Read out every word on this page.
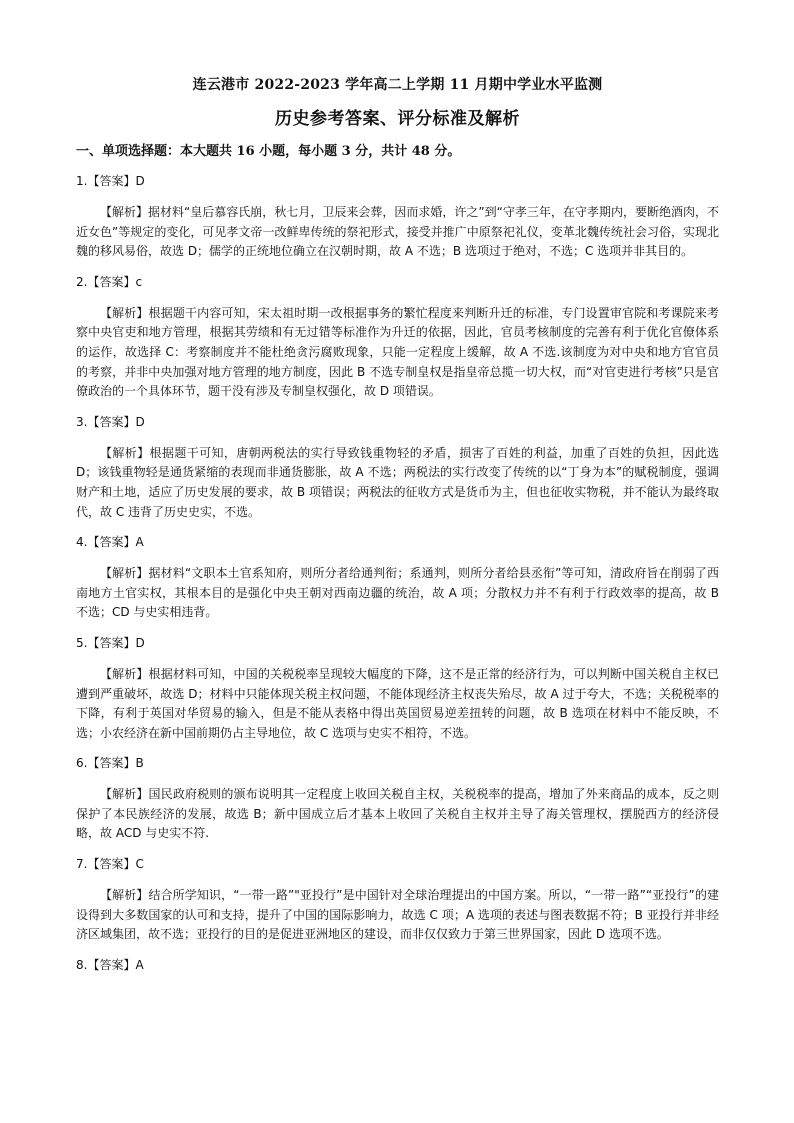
连云港市 2022-2023 学年高二上学期 11 月期中学业水平监测
历史参考答案、评分标准及解析
一、单项选择题：本大题共 16 小题，每小题 3 分，共计 48 分。
1.【答案】D
【解析】据材料“皇后慕容氏崩，秋七月，卫辰来会葬，因而求婚，许之”到“守孝三年，在守孝期内，要断绝酒肉，不近女色”等规定的变化，可见孝文帝一改鲜卑传统的祭祀形式，接受并推广中原祭祀礼仪，变革北魏传统社会习俗，实现北魏的移风易俗，故选 D；儒学的正统地位确立在汉朝时期，故 A 不选；B 选项过于绝对，不选；C 选项并非其目的。
2.【答案】c
【解析】根据题干内容可知，宋太祖时期一改根据事务的繁忙程度来判断升迁的标准，专门设置审官院和考课院来考察中央官吏和地方管理，根据其劳绩和有无过错等标准作为升迁的依据，因此，官员考核制度的完善有利于优化官僚体系的运作，故选择 C：考察制度并不能杜绝贪污腐败现象，只能一定程度上缓解，故 A 不选.该制度为对中央和地方官官员的考察，并非中央加强对地方管理的地方制度，因此 B 不选专制皇权是指皇帝总揽一切大权，而“对官吏进行考核”只是官僚政治的一个具体环节，题干没有涉及专制皇权强化，故 D 项错误。
3.【答案】D
【解析】根据题干可知，唐朝两税法的实行导致钱重物轻的矛盾，损害了百姓的利益，加重了百姓的负担，因此选 D；该钱重物轻是通货紧缩的表现而非通货膨胀，故 A 不选；两税法的实行改变了传统的以“丁身为本”的赋税制度，强调财产和土地，适应了历史发展的要求，故 B 项错误；两税法的征收方式是货币为主，但也征收实物税，并不能认为最终取代，故 C 违背了历史史实，不选。
4.【答案】A
【解析】据材料“文职本土官系知府，则所分者给通判衔；系通判，则所分者给县丞衔”等可知，清政府旨在削弱了西南地方土官实权，其根本目的是强化中央王朝对西南边疆的统治，故 A 项；分散权力并不有利于行政效率的提高，故 B 不选；CD 与史实相违背。
5.【答案】D
【解析】根据材料可知，中国的关税税率呈现较大幅度的下降，这不是正常的经济行为，可以判断中国关税自主权已遭到严重破坏，故选 D；材料中只能体现关税主权问题，不能体现经济主权丧失殆尽，故 A 过于夸大，不选；关税税率的下降，有利于英国对华贸易的输入，但是不能从表格中得出英国贸易逆差扭转的问题，故 B 选项在材料中不能反映，不选；小农经济在新中国前期仍占主导地位，故 C 选项与史实不相符，不选。
6.【答案】B
【解析】国民政府税则的颁布说明其一定程度上收回关税自主权，关税税率的提高，增加了外来商品的成本，反之则保护了本民族经济的发展，故选 B；新中国成立后才基本上收回了关税自主权并主导了海关管理权，摆脱西方的经济侵略，故 ACD 与史实不符.
7.【答案】C
【解析】结合所学知识，“一带一路”"亚投行”是中国针对全球治理提出的中国方案。所以，“一带一路”“亚投行”的建设得到大多数国家的认可和支持，提升了中国的国际影响力，故选 C 项；A 选项的表述与图表数据不符；B 亚投行并非经济区域集团，故不选；亚投行的目的是促进亚洲地区的建设，而非仅仅致力于第三世界国家，因此 D 选项不选。
8.【答案】A
